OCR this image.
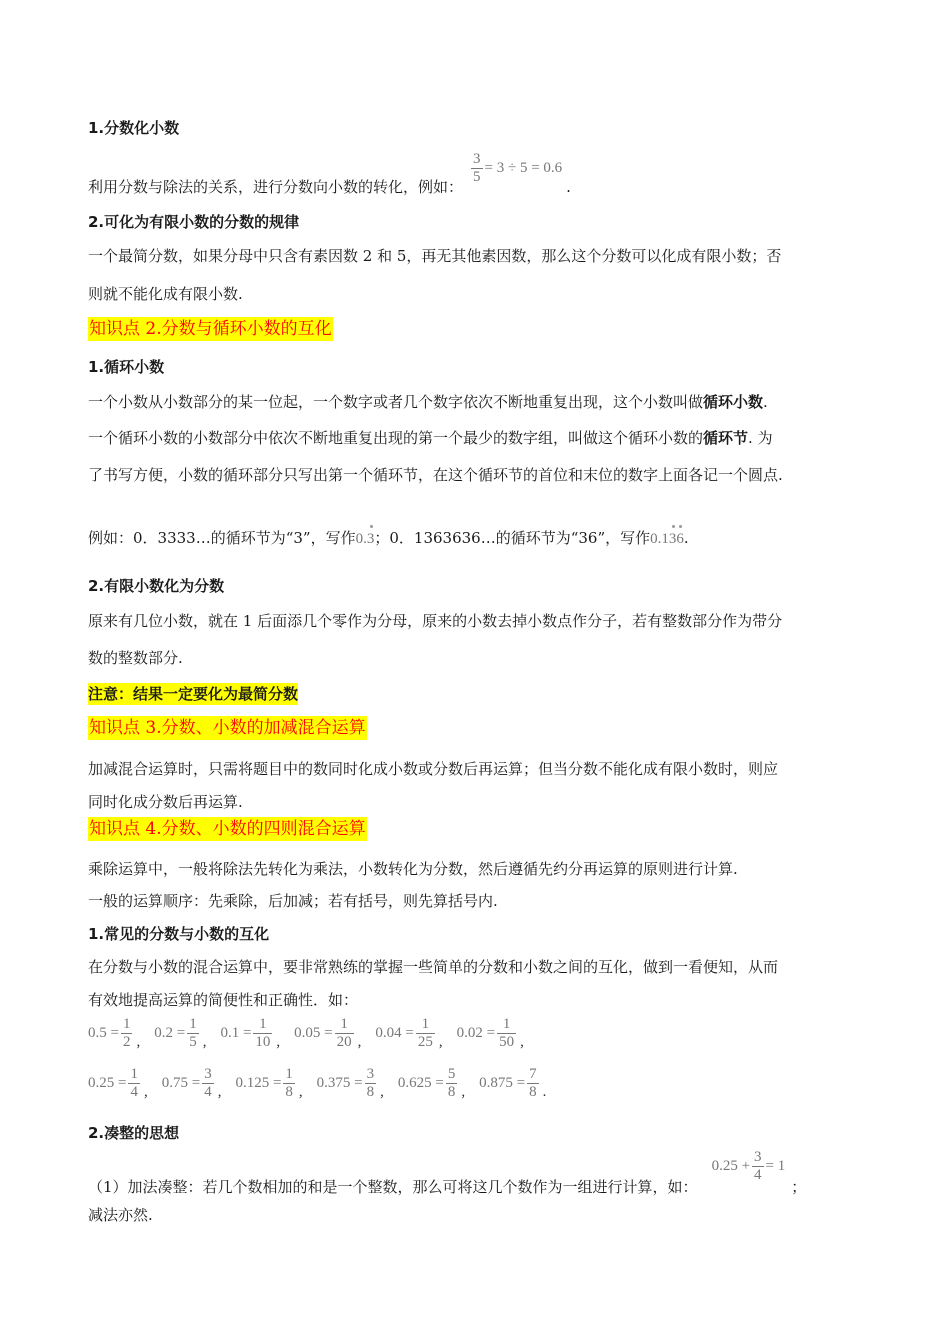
1.分数化小数
利用分数与除法的关系，进行分数向小数的转化，例如：
$\frac{3}{5} = 3 \div 5 = 0.6$
.
2.可化为有限小数的分数的规律
一个最简分数，如果分母中只含有素因数 2 和 5，再无其他素因数，那么这个分数可以化成有限小数；否
则就不能化成有限小数.
知识点 2.分数与循环小数的互化
1.循环小数
一个小数从小数部分的某一位起，一个数字或者几个数字依次不断地重复出现，这个小数叫做循环小数.
一个循环小数的小数部分中依次不断地重复出现的第一个最少的数字组，叫做这个循环小数的循环节. 为
了书写方便，小数的循环部分只写出第一个循环节，在这个循环节的首位和末位的数字上面各记一个圆点.
例如：0．3333…的循环节为“3”，写作0.3；0．1363636…的循环节为“36”，写作0.136.
2.有限小数化为分数
原来有几位小数，就在 1 后面添几个零作为分母，原来的小数去掉小数点作分子，若有整数部分作为带分
数的整数部分.
注意：结果一定要化为最简分数
知识点 3.分数、小数的加减混合运算
加减混合运算时，只需将题目中的数同时化成小数或分数后再运算；但当分数不能化成有限小数时，则应
同时化成分数后再运算.
知识点 4.分数、小数的四则混合运算
乘除运算中，一般将除法先转化为乘法，小数转化为分数，然后遵循先约分再运算的原则进行计算.
一般的运算顺序：先乘除，后加减；若有括号，则先算括号内.
1.常见的分数与小数的互化
在分数与小数的混合运算中，要非常熟练的掌握一些简单的分数和小数之间的互化，做到一看便知，从而
有效地提高运算的简便性和正确性．如：
$0.5 = \frac{1}{2}$ ,
$0.2 = \frac{1}{5}$ ,
$0.1 = \frac{1}{10}$ ,
$0.05 = \frac{1}{20}$ ,
$0.04 = \frac{1}{25}$ ,
$0.02 = \frac{1}{50}$ ,
$0.25 = \frac{1}{4}$ ,
$0.75 = \frac{3}{4}$ ,
$0.125 = \frac{1}{8}$ ,
$0.375 = \frac{3}{8}$ ,
$0.625 = \frac{5}{8}$ ,
$0.875 = \frac{7}{8}$ .
2.凑整的思想
（1）加法凑整：若几个数相加的和是一个整数，那么可将这几个数作为一组进行计算，如：
$0.25 + \frac{3}{4} = 1$
；
减法亦然.
